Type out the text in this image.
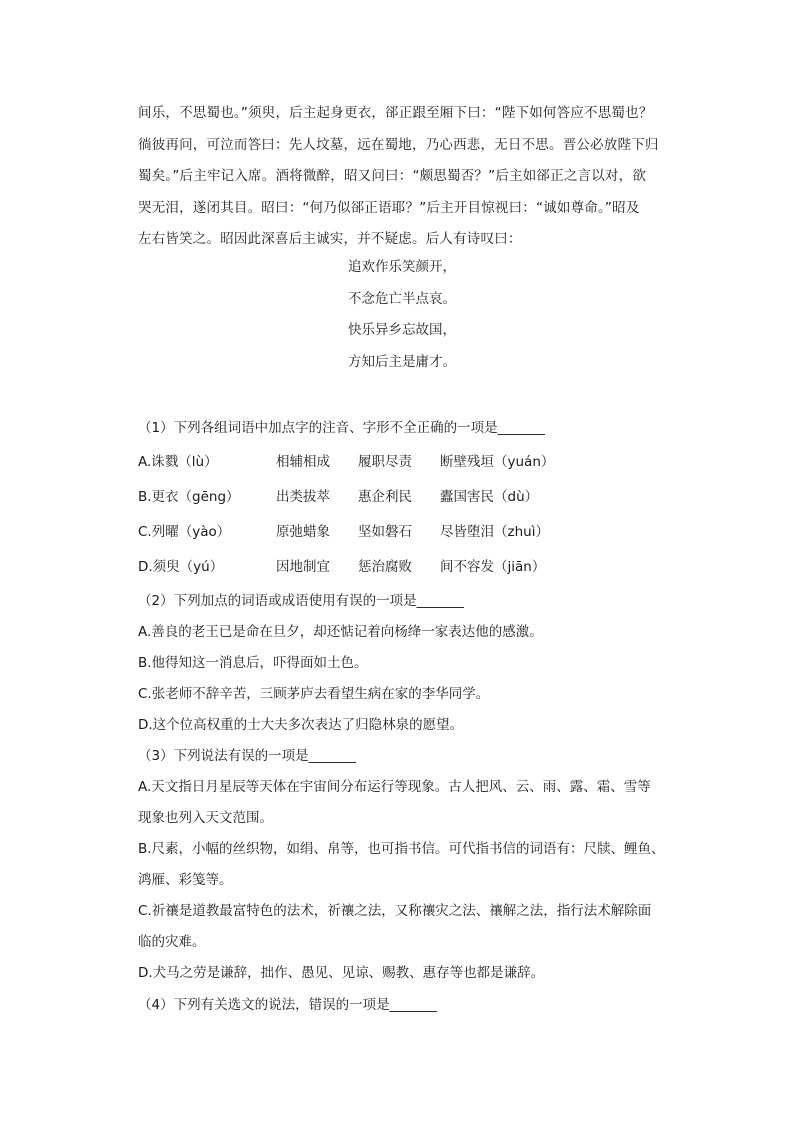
间乐，不思蜀也。”须臾，后主起身更衣，郤正跟至厢下曰：“陛下如何答应不思蜀也？
徜彼再问，可泣而答曰：先人坟墓，远在蜀地，乃心西悲，无日不思。晋公必放陛下归
蜀矣。”后主牢记入席。酒将微醉，昭又问曰：“颇思蜀否？”后主如郤正之言以对，欲
哭无泪，遂闭其目。昭曰：“何乃似郤正语耶？”后主开目惊视曰：“诚如尊命。”昭及
左右皆笑之。昭因此深喜后主诚实，并不疑虑。后人有诗叹曰：
追欢作乐笑颜开，
不念危亡半点哀。
快乐异乡忘故国，
方知后主是庸才。
（1）下列各组词语中加点字的注音、字形不全正确的一项是_______
A.诛戮（lù）	相辅相成 履职尽责 断壁残垣（yuán）
B.更衣（gēng）	出类拔萃 惠企利民 蠹国害民（dù）
C.列曜（yào）	原弛蜡象 坚如磐石 尽皆堕泪（zhuì）
D.须臾（yú）	因地制宜 惩治腐败 间不容发（jiān）
（2）下列加点的词语或成语使用有误的一项是_______
A.善良的老王已是命在旦夕，却还惦记着向杨绛一家表达他的感激。
B.他得知这一消息后，吓得面如土色。
C.张老师不辞辛苦，三顾茅庐去看望生病在家的李华同学。
D.这个位高权重的士大夫多次表达了归隐林泉的愿望。
（3）下列说法有误的一项是_______
A.天文指日月星辰等天体在宇宙间分布运行等现象。古人把风、云、雨、露、霜、雪等
现象也列入天文范围。
B.尺素，小幅的丝织物，如绢、帛等，也可指书信。可代指书信的词语有：尺牍、鲤鱼、
鸿雁、彩笺等。
C.祈禳是道教最富特色的法术，祈禳之法，又称禳灾之法、禳解之法，指行法术解除面
临的灾难。
D.犬马之劳是谦辞，拙作、愚见、见谅、赐教、惠存等也都是谦辞。
（4）下列有关选文的说法，错误的一项是_______
